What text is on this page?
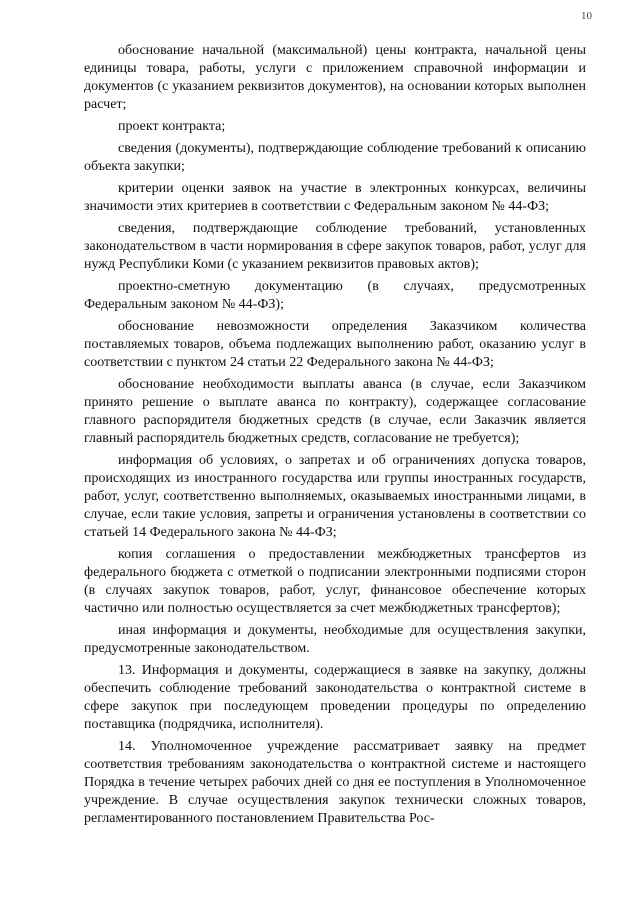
10

обоснование начальной (максимальной) цены контракта, начальной цены единицы товара, работы, услуги с приложением справочной информации и документов (с указанием реквизитов документов), на основании которых выполнен расчет;

проект контракта;

сведения (документы), подтверждающие соблюдение требований к описанию объекта закупки;

критерии оценки заявок на участие в электронных конкурсах, величины значимости этих критериев в соответствии с Федеральным законом № 44-ФЗ;

сведения, подтверждающие соблюдение требований, установленных законодательством в части нормирования в сфере закупок товаров, работ, услуг для нужд Республики Коми (с указанием реквизитов правовых актов);

проектно-сметную документацию (в случаях, предусмотренных Федеральным законом № 44-ФЗ);

обоснование невозможности определения Заказчиком количества поставляемых товаров, объема подлежащих выполнению работ, оказанию услуг в соответствии с пунктом 24 статьи 22 Федерального закона № 44-ФЗ;

обоснование необходимости выплаты аванса (в случае, если Заказчиком принято решение о выплате аванса по контракту), содержащее согласование главного распорядителя бюджетных средств (в случае, если Заказчик является главный распорядитель бюджетных средств, согласование не требуется);

информация об условиях, о запретах и об ограничениях допуска товаров, происходящих из иностранного государства или группы иностранных государств, работ, услуг, соответственно выполняемых, оказываемых иностранными лицами, в случае, если такие условия, запреты и ограничения установлены в соответствии со статьей 14 Федерального закона № 44-ФЗ;

копия соглашения о предоставлении межбюджетных трансфертов из федерального бюджета с отметкой о подписании электронными подписями сторон (в случаях закупок товаров, работ, услуг, финансовое обеспечение которых частично или полностью осуществляется за счет межбюджетных трансфертов);

иная информация и документы, необходимые для осуществления закупки, предусмотренные законодательством.

13. Информация и документы, содержащиеся в заявке на закупку, должны обеспечить соблюдение требований законодательства о контрактной системе в сфере закупок при последующем проведении процедуры по определению поставщика (подрядчика, исполнителя).

14. Уполномоченное учреждение рассматривает заявку на предмет соответствия требованиям законодательства о контрактной системе и настоящего Порядка в течение четырех рабочих дней со дня ее поступления в Уполномоченное учреждение. В случае осуществления закупок технически сложных товаров, регламентированного постановлением Правительства Рос-
